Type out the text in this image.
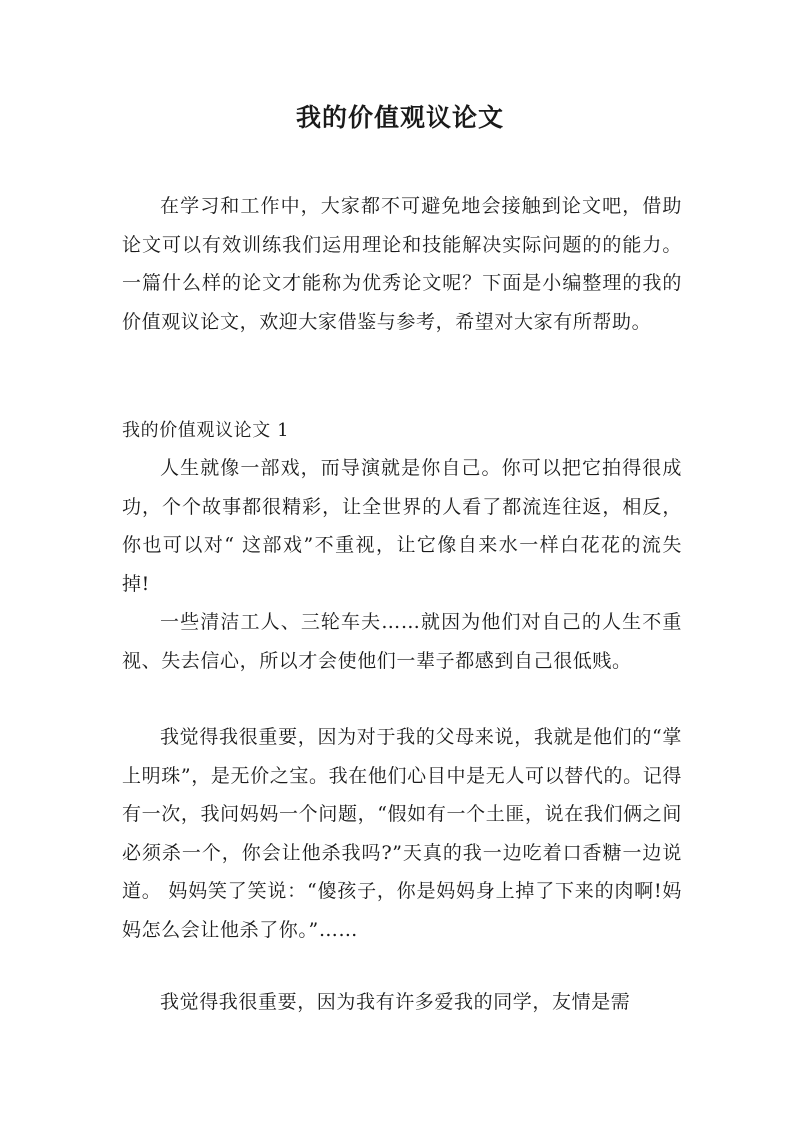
我的价值观议论文

在学习和工作中，大家都不可避免地会接触到论文吧，借助论文可以有效训练我们运用理论和技能解决实际问题的的能力。一篇什么样的论文才能称为优秀论文呢？下面是小编整理的我的价值观议论文，欢迎大家借鉴与参考，希望对大家有所帮助。

我的价值观议论文 1

人生就像一部戏，而导演就是你自己。你可以把它拍得很成功，个个故事都很精彩，让全世界的人看了都流连往返，相反，你也可以对“ 这部戏”不重视，让它像自来水一样白花花的流失掉!

一些清洁工人、三轮车夫……就因为他们对自己的人生不重视、失去信心，所以才会使他们一辈子都感到自己很低贱。

我觉得我很重要，因为对于我的父母来说，我就是他们的“掌上明珠”，是无价之宝。我在他们心目中是无人可以替代的。记得有一次，我问妈妈一个问题，“假如有一个土匪，说在我们俩之间必须杀一个，你会让他杀我吗?”天真的我一边吃着口香糖一边说道。 妈妈笑了笑说：“傻孩子，你是妈妈身上掉了下来的肉啊!妈妈怎么会让他杀了你。”……

我觉得我很重要，因为我有许多爱我的同学，友情是需
